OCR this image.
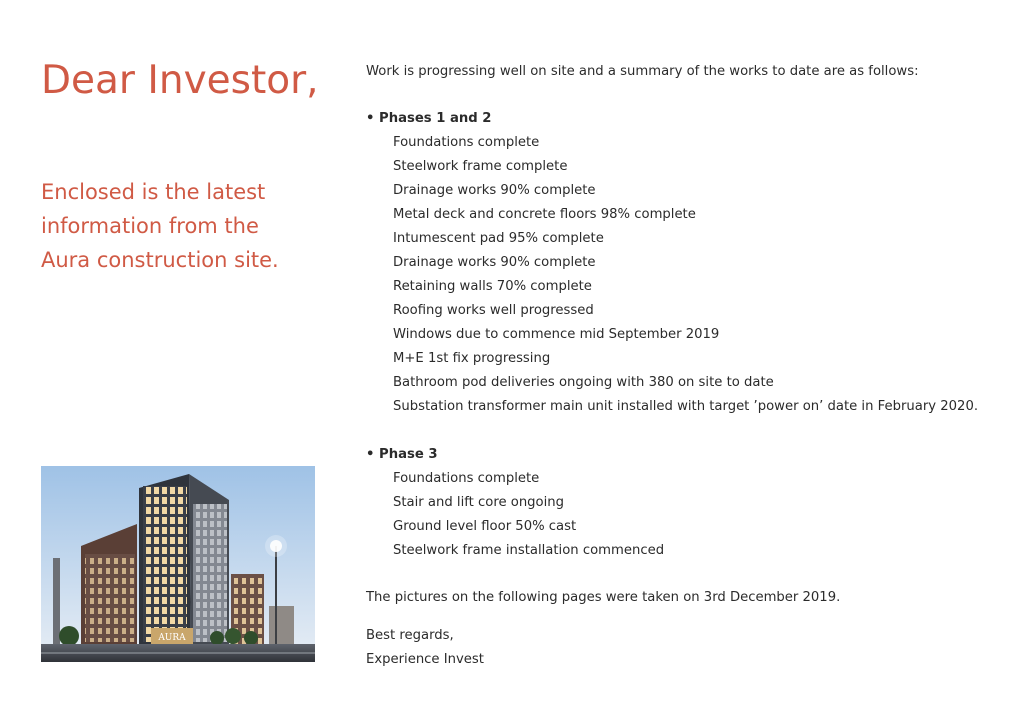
Dear Investor,

Enclosed is the latest
information from the
Aura construction site.

AURA

Work is progressing well on site and a summary of the works to date are as follows:

• Phases 1 and 2
Foundations complete
Steelwork frame complete
Drainage works 90% complete
Metal deck and concrete floors 98% complete
Intumescent pad 95% complete
Drainage works 90% complete
Retaining walls 70% complete
Roofing works well progressed
Windows due to commence mid September 2019
M+E 1st fix progressing
Bathroom pod deliveries ongoing with 380 on site to date
Substation transformer main unit installed with target ’power on’ date in February 2020.
• Phase 3
Foundations complete
Stair and lift core ongoing
Ground level floor 50% cast
Steelwork frame installation commenced

The pictures on the following pages were taken on 3rd December 2019.

Best regards,

Experience Invest
